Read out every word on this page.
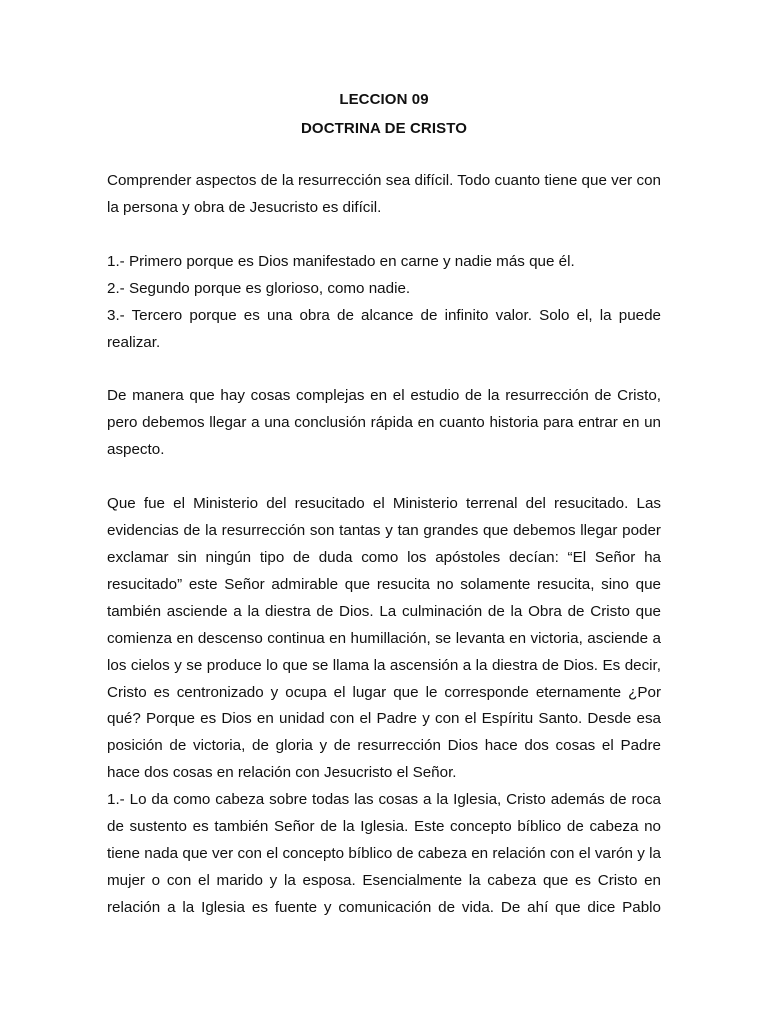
LECCION 09
DOCTRINA DE CRISTO

Comprender aspectos de la resurrección sea difícil. Todo cuanto tiene que ver con la persona y obra de Jesucristo es difícil.

1.- Primero porque es Dios manifestado en carne y nadie más que él.

2.- Segundo porque es glorioso, como nadie.

3.- Tercero porque es una obra de alcance de infinito valor. Solo el, la puede realizar.

De manera que hay cosas complejas en el estudio de la resurrección de Cristo, pero debemos llegar a una conclusión rápida en cuanto historia para entrar en un aspecto.

Que fue el Ministerio del resucitado el Ministerio terrenal del resucitado. Las evidencias de la resurrección son tantas y tan grandes que debemos llegar poder exclamar sin ningún tipo de duda como los apóstoles decían: “El Señor ha resucitado” este Señor admirable que resucita no solamente resucita, sino que también asciende a la diestra de Dios. La culminación de la Obra de Cristo que comienza en descenso continua en humillación, se levanta en victoria, asciende a los cielos y se produce lo que se llama la ascensión a la diestra de Dios. Es decir, Cristo es centronizado y ocupa el lugar que le corresponde eternamente ¿Por qué? Porque es Dios en unidad con el Padre y con el Espíritu Santo. Desde esa posición de victoria, de gloria y de resurrección Dios hace dos cosas el Padre hace dos cosas en relación con Jesucristo el Señor.

1.- Lo da como cabeza sobre todas las cosas a la Iglesia, Cristo además de roca de sustento es también Señor de la Iglesia. Este concepto bíblico de cabeza no tiene nada que ver con el concepto bíblico de cabeza en relación con el varón y la mujer o con el marido y la esposa. Esencialmente la cabeza que es Cristo en relación a la Iglesia es fuente y comunicación de vida. De ahí que dice Pablo
